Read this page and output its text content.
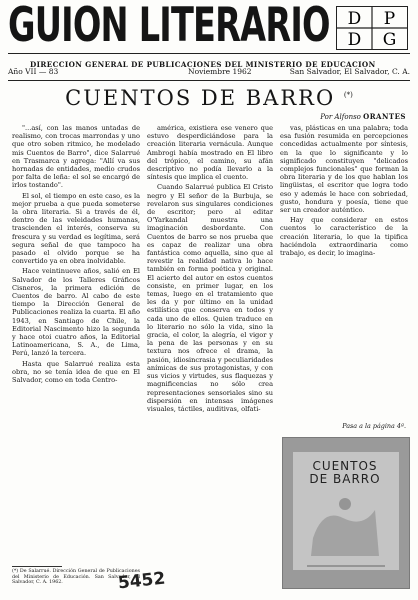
GUION LITERARIO D P
D G
DIRECCION GENERAL DE PUBLICACIONES DEL MINISTERIO DE EDUCACION
Año VII — 83	Noviembre 1962	San Salvador, El Salvador, C. A.
CUENTOS DE BARRO (*)
Por Alfonso ORANTES

"...así, con las manos untadas de realismo, con trocas marrondas y uno que otro soben ritmico, he modelado mis Cuentos de Barro", dice Salarrué en Trasmarca y agrega: "Allí va sus hornadas de entidades, medio crudos por falta de leña: el sol se encargó de irlos tostando".

El sol, el tiempo en este caso, es la mejor prueba a que pueda someterse la obra literaria. Si a través de él, dentro de las veleidades humanas, trascienden el interés, conserva su frescura y su verdad es legítima, será segura señal de que tampoco ha pasado el olvido porque se ha convertido ya en obra inolvidable.

Hace veintinueve años, salió en El Salvador de los Talleres Gráficos Cisneros, la primera edición de Cuentos de barro. Al cabo de este tiempo la Dirección General de Publicaciones realiza la cuarta. El año 1943, en Santiago de Chile, la Editorial Nascimento hizo la segunda y hace otoi cuatro años, la Editorial Latinoamericana, S. A., de Lima, Perú, lanzó la tercera.

Hasta que Salarrué realiza esta obra, no se tenía idea de que en El Salvador, como en toda Centro-

américa, existiera ese venero que estuvo desperdiciándose para la creación literaria vernácula. Aunque Ambrogi había mostrado en El libro del trópico, el camino, su afán descriptivo no podía llevarlo a la síntesis que implica el cuento.

Cuando Salarrué publica El Cristo negro y El señor de la Burbuja, se revelaron sus singulares condiciones de escritor; pero al editar O'Yarkandal muestra una imaginación desbordante. Con Cuentos de barro se nos prueba que es capaz de realizar una obra fantástica como aquella, sino que al revestir la realidad nativa lo hace también en forma poética y original. El acierto del autor en estos cuentos consiste, en primer lugar, en los temas, luego en el tratamiento que les da y por último en la unidad estilística que conserva en todos y cada uno de ellos. Quien traduce en lo literario no sólo la vida, sino la gracia, el color, la alegría, el vigor y la pena de las personas y en su textura nos ofrece el drama, la pasión, idiosincrasia y peculiaridades anímicas de sus protagonistas, y con sus vicios y virtudes, sus flaquezas y magnificencias no sólo crea representaciones sensoriales sino su dispersión en intensas imágenes visuales, táctiles, auditivas, olfati-

vas, plásticas en una palabra; toda esa fusión resumida en percepciones concedidas actualmente por síntesis, en la que lo significante y lo significado constituyen "delicados complejos funcionales" que forman la obra literaria y de los que hablan los lingüistas, el escritor que logra todo eso y además le hace con sobriedad, gusto, hondura y poesía, tiene que ser un creador auténtico.

Hay que considerar en estos cuentos lo característico de la creación literaria, lo que la tipifica haciéndola extraordinaria como trabajo, es decir, lo imagina-

Pasa a la página 4ª.
CUENTOS
DE BARRO
(*) De Salarrué. Dirección General de Publicaciones del Ministerio de Educación. San Salvador, El Salvador, C. A. 1962.	5452
